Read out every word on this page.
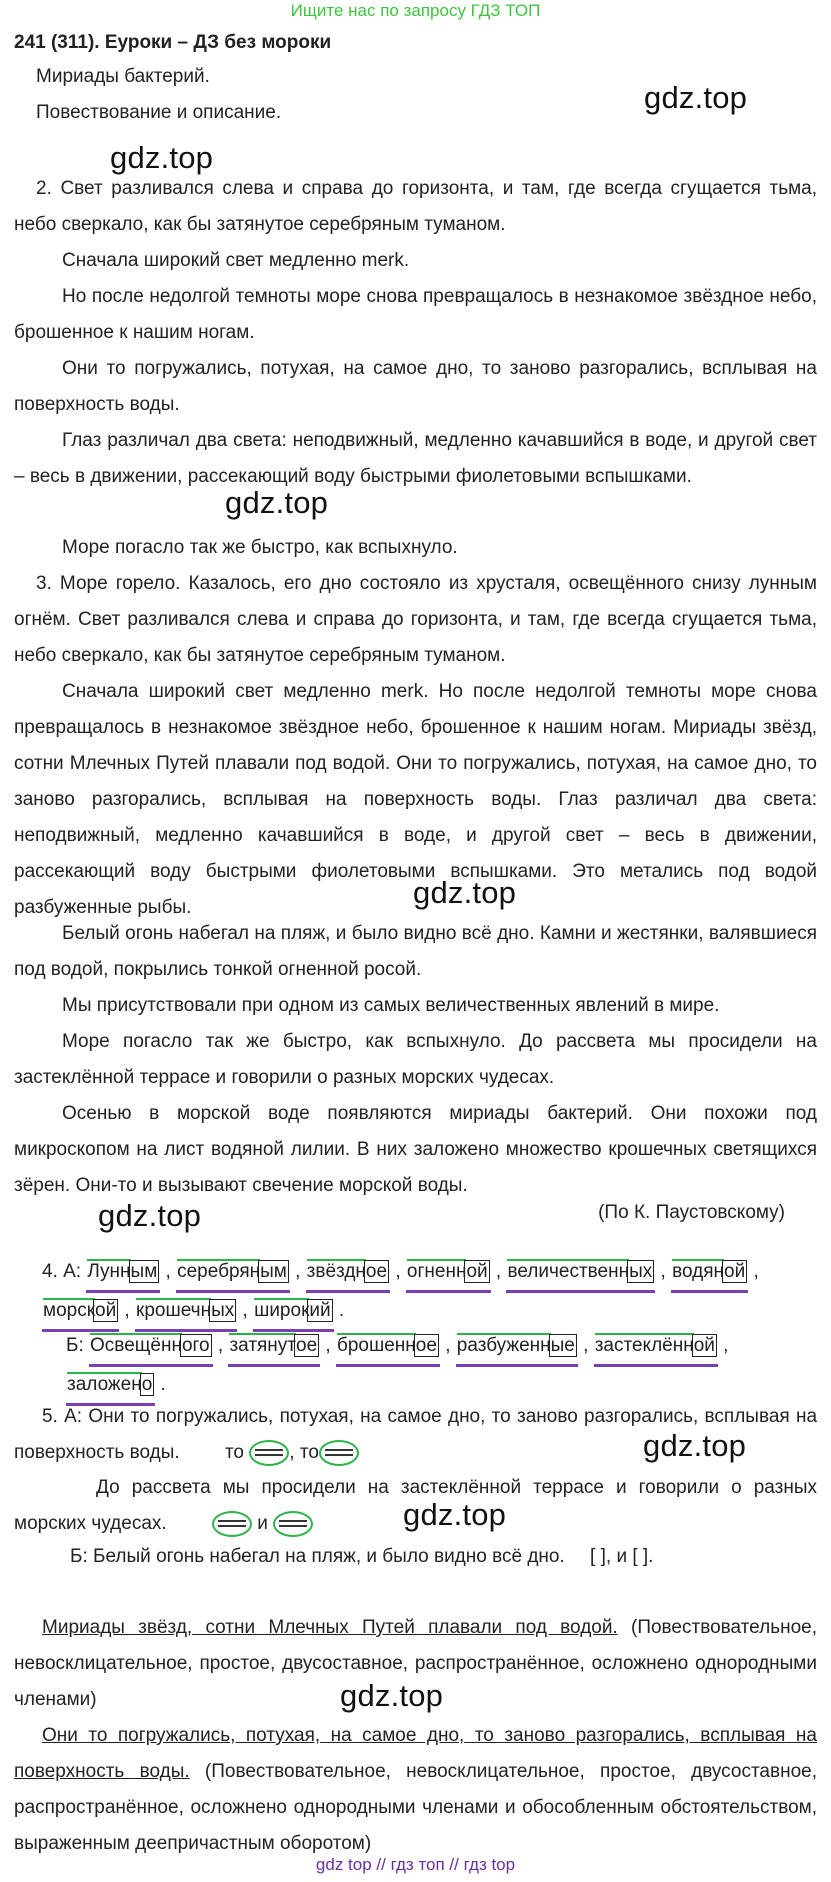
Ищите нас по запросу ГДЗ ТОП
241 (311). Еуроки – ДЗ без мороки
Мириады бактерий.
Повествование и описание.	gdz.top
gdz.top
2. Свет разливался слева и справа до горизонта, и там, где всегда сгущается тьма, небо сверкало, как бы затянутое серебряным туманом.
Сначала широкий свет медленно merk.
Но после недолгой темноты море снова превращалось в незнакомое звёздное небо, брошенное к нашим ногам.
Они то погружались, потухая, на самое дно, то заново разгорались, всплывая на поверхность воды.
Глаз различал два света: неподвижный, медленно качавшийся в воде, и другой свет – весь в движении, рассекающий воду быстрыми фиолетовыми вспышками.
gdz.top
Море погасло так же быстро, как вспыхнуло.
3. Море горело. Казалось, его дно состояло из хрусталя, освещённого снизу лунным огнём. Свет разливался слева и справа до горизонта, и там, где всегда сгущается тьма, небо сверкало, как бы затянутое серебряным туманом.
Сначала широкий свет медленно merk. Но после недолгой темноты море снова превращалось в незнакомое звёздное небо, брошенное к нашим ногам. Мириады звёзд, сотни Млечных Путей плавали под водой. Они то погружались, потухая, на самое дно, то заново разгорались, всплывая на поверхность воды. Глаз различал два света: неподвижный, медленно качавшийся в воде, и другой свет – весь в движении, рассекающий воду быстрыми фиолетовыми вспышками. Это метались под водой разбуженные рыбы.	gdz.top
Белый огонь набегал на пляж, и было видно всё дно. Камни и жестянки, валявшиеся под водой, покрылись тонкой огненной росой.
Мы присутствовали при одном из самых величественных явлений в мире.
Море погасло так же быстро, как вспыхнуло. До рассвета мы просидели на застеклённой террасе и говорили о разных морских чудесах.
Осенью в морской воде появляются мириады бактерий. Они похожи под микроскопом на лист водяной лилии. В них заложено множество крошечных светящихся зёрен. Они-то и вызывают свечение морской воды.
gdz.top	(По К. Паустовскому)
4. А: Лунным , серебряным , звёздное , огненной , величественных , водяной , морской , крошечных , широкий .
Б: Освещённого , затянутое , брошенное , разбуженные , застеклённой , заложено .
5. А: Они то погружались, потухая, на самое дно, то заново разгорались, всплывая на поверхность воды. то , то	gdz.top
До рассвета мы просидели на застеклённой террасе и говорили о разных морских чудесах.	и	gdz.top
Б: Белый огонь набегал на пляж, и было видно всё дно. [ ], и [ ].
Мириады звёзд, сотни Млечных Путей плавали под водой. (Повествовательное, невосклицательное, простое, двусоставное, распространённое, осложнено однородными членами)	gdz.top
Они то погружались, потухая, на самое дно, то заново разгорались, всплывая на поверхность воды. (Повествовательное, невосклицательное, простое, двусоставное, распространённое, осложнено однородными членами и обособленным обстоятельством, выраженным деепричастным оборотом)
gdz top // гдз топ // гдз top
